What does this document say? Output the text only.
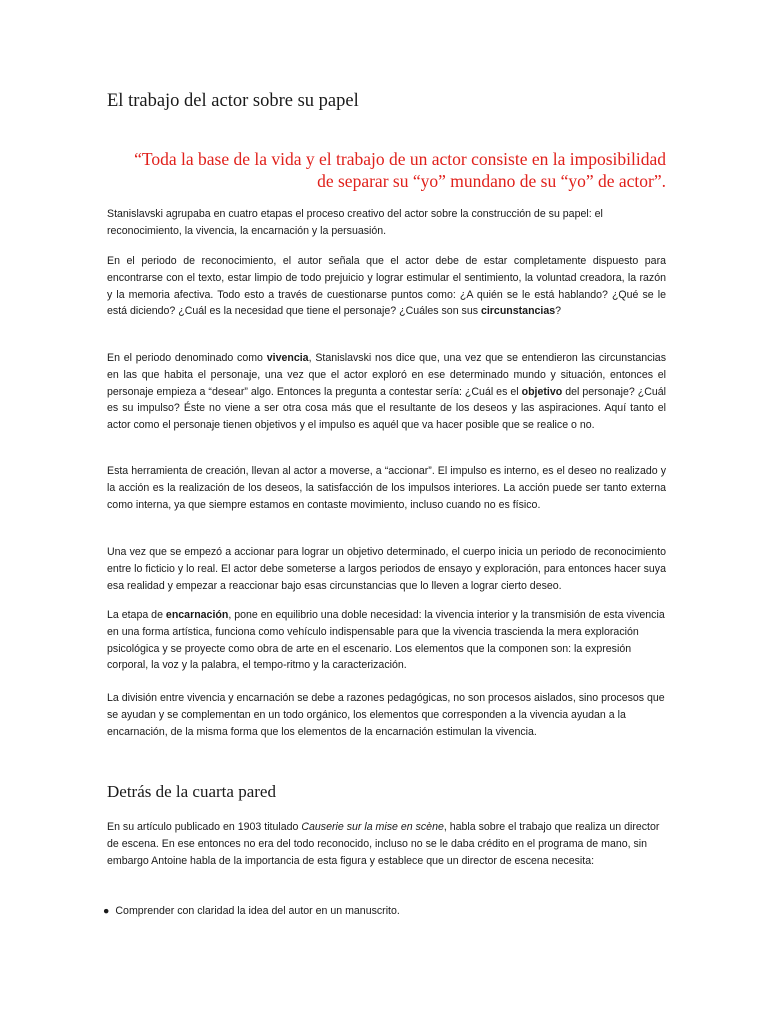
El trabajo del actor sobre su papel
“Toda la base de la vida y el trabajo de un actor consiste en la imposibilidad
de separar su “yo” mundano de su “yo” de actor”.

Stanislavski agrupaba en cuatro etapas el proceso creativo del actor sobre la construcción de su papel: el reconocimiento, la vivencia, la encarnación y la persuasión.

En el periodo de reconocimiento, el autor señala que el actor debe de estar completamente dispuesto para encontrarse con el texto, estar limpio de todo prejuicio y lograr estimular el sentimiento, la voluntad creadora, la razón y la memoria afectiva. Todo esto a través de cuestionarse puntos como: ¿A quién se le está hablando? ¿Qué se le está diciendo? ¿Cuál es la necesidad que tiene el personaje? ¿Cuáles son sus circunstancias?

En el periodo denominado como vivencia, Stanislavski nos dice que, una vez que se entendieron las circunstancias en las que habita el personaje, una vez que el actor exploró en ese determinado mundo y situación, entonces el personaje empieza a “desear” algo. Entonces la pregunta a contestar sería: ¿Cuál es el objetivo del personaje? ¿Cuál es su impulso? Éste no viene a ser otra cosa más que el resultante de los deseos y las aspiraciones. Aquí tanto el actor como el personaje tienen objetivos y el impulso es aquél que va hacer posible que se realice o no.

Esta herramienta de creación, llevan al actor a moverse, a “accionar”. El impulso es interno, es el deseo no realizado y la acción es la realización de los deseos, la satisfacción de los impulsos interiores. La acción puede ser tanto externa como interna, ya que siempre estamos en contaste movimiento, incluso cuando no es físico.

Una vez que se empezó a accionar para lograr un objetivo determinado, el cuerpo inicia un periodo de reconocimiento entre lo ficticio y lo real. El actor debe someterse a largos periodos de ensayo y exploración, para entonces hacer suya esa realidad y empezar a reaccionar bajo esas circunstancias que lo lleven a lograr cierto deseo.

La etapa de encarnación, pone en equilibrio una doble necesidad: la vivencia interior y la transmisión de esta vivencia en una forma artística, funciona como vehículo indispensable para que la vivencia trascienda la mera exploración psicológica y se proyecte como obra de arte en el escenario. Los elementos que la componen son: la expresión corporal, la voz y la palabra, el tempo-ritmo y la caracterización.

La división entre vivencia y encarnación se debe a razones pedagógicas, no son procesos aislados, sino procesos que se ayudan y se complementan en un todo orgánico, los elementos que corresponden a la vivencia ayudan a la encarnación, de la misma forma que los elementos de la encarnación estimulan la vivencia.

Detrás de la cuarta pared

En su artículo publicado en 1903 titulado Causerie sur la mise en scène, habla sobre el trabajo que realiza un director de escena. En ese entonces no era del todo reconocido, incluso no se le daba crédito en el programa de mano, sin embargo Antoine habla de la importancia de esta figura y establece que un director de escena necesita:

● Comprender con claridad la idea del autor en un manuscrito.
